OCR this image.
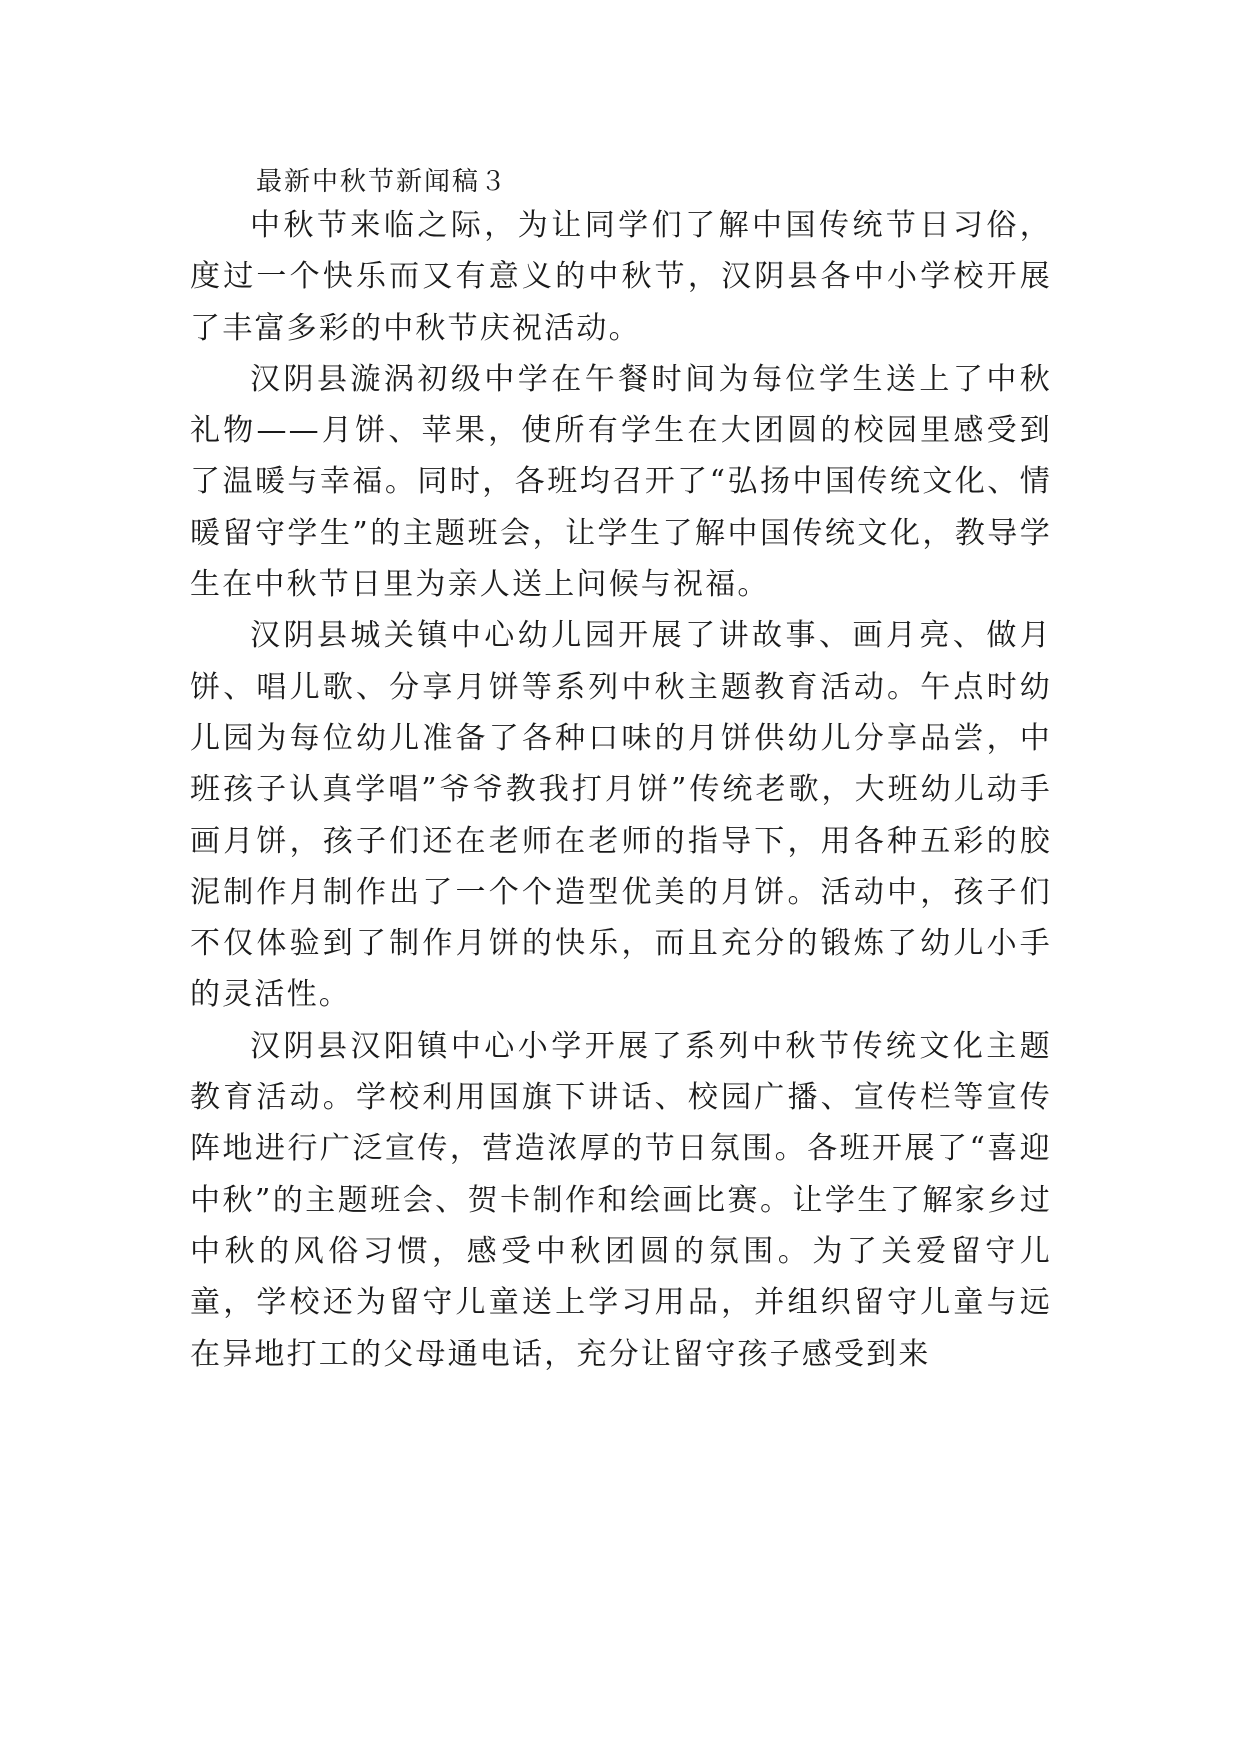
最新中秋节新闻稿３

中秋节来临之际，为让同学们了解中国传统节日习俗，度过一个快乐而又有意义的中秋节，汉阴县各中小学校开展了丰富多彩的中秋节庆祝活动。

汉阴县漩涡初级中学在午餐时间为每位学生送上了中秋礼物——月饼、苹果，使所有学生在大团圆的校园里感受到了温暖与幸福。同时，各班均召开了“弘扬中国传统文化、情暖留守学生”的主题班会，让学生了解中国传统文化，教导学生在中秋节日里为亲人送上问候与祝福。

汉阴县城关镇中心幼儿园开展了讲故事、画月亮、做月饼、唱儿歌、分享月饼等系列中秋主题教育活动。午点时幼儿园为每位幼儿准备了各种口味的月饼供幼儿分享品尝，中班孩子认真学唱”爷爷教我打月饼”传统老歌，大班幼儿动手画月饼，孩子们还在老师在老师的指导下，用各种五彩的胶泥制作月制作出了一个个造型优美的月饼。活动中，孩子们不仅体验到了制作月饼的快乐，而且充分的锻炼了幼儿小手的灵活性。

汉阴县汉阳镇中心小学开展了系列中秋节传统文化主题教育活动。学校利用国旗下讲话、校园广播、宣传栏等宣传阵地进行广泛宣传，营造浓厚的节日氛围。各班开展了“喜迎中秋”的主题班会、贺卡制作和绘画比赛。让学生了解家乡过中秋的风俗习惯，感受中秋团圆的氛围。为了关爱留守儿童，学校还为留守儿童送上学习用品，并组织留守儿童与远在异地打工的父母通电话，充分让留守孩子感受到来
